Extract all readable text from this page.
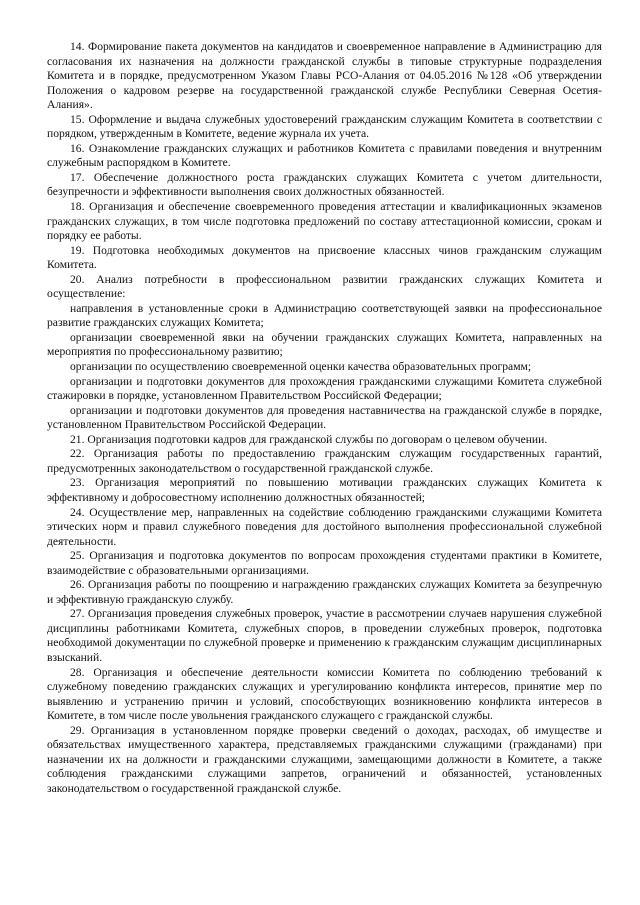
14. Формирование пакета документов на кандидатов и своевременное направление в Администрацию для согласования их назначения на должности гражданской службы в типовые структурные подразделения Комитета и в порядке, предусмотренном Указом Главы РСО-Алания от 04.05.2016 №128 «Об утверждении Положения о кадровом резерве на государственной гражданской службе Республики Северная Осетия-Алания».

15. Оформление и выдача служебных удостоверений гражданским служащим Комитета в соответствии с порядком, утвержденным в Комитете, ведение журнала их учета.

16. Ознакомление гражданских служащих и работников Комитета с правилами поведения и внутренним служебным распорядком в Комитете.

17. Обеспечение должностного роста гражданских служащих Комитета с учетом длительности, безупречности и эффективности выполнения своих должностных обязанностей.

18. Организация и обеспечение своевременного проведения аттестации и квалификационных экзаменов гражданских служащих, в том числе подготовка предложений по составу аттестационной комиссии, срокам и порядку ее работы.

19. Подготовка необходимых документов на присвоение классных чинов гражданским служащим Комитета.

20. Анализ потребности в профессиональном развитии гражданских служащих Комитета и осуществление:

направления в установленные сроки в Администрацию соответствующей заявки на профессиональное развитие гражданских служащих Комитета;

организации своевременной явки на обучении гражданских служащих Комитета, направленных на мероприятия по профессиональному развитию;

организации по осуществлению своевременной оценки качества образовательных программ;

организации и подготовки документов для прохождения гражданскими служащими Комитета служебной стажировки в порядке, установленном Правительством Российской Федерации;

организации и подготовки документов для проведения наставничества на гражданской службе в порядке, установленном Правительством Российской Федерации.

21. Организация подготовки кадров для гражданской службы по договорам о целевом обучении.

22. Организация работы по предоставлению гражданским служащим государственных гарантий, предусмотренных законодательством о государственной гражданской службе.

23. Организация мероприятий по повышению мотивации гражданских служащих Комитета к эффективному и добросовестному исполнению должностных обязанностей;

24. Осуществление мер, направленных на содействие соблюдению гражданскими служащими Комитета этических норм и правил служебного поведения для достойного выполнения профессиональной служебной деятельности.

25. Организация и подготовка документов по вопросам прохождения студентами практики в Комитете, взаимодействие с образовательными организациями.

26. Организация работы по поощрению и награждению гражданских служащих Комитета за безупречную и эффективную гражданскую службу.

27. Организация проведения служебных проверок, участие в рассмотрении случаев нарушения служебной дисциплины работниками Комитета, служебных споров, в проведении служебных проверок, подготовка необходимой документации по служебной проверке и применению к гражданским служащим дисциплинарных взысканий.

28. Организация и обеспечение деятельности комиссии Комитета по соблюдению требований к служебному поведению гражданских служащих и урегулированию конфликта интересов, принятие мер по выявлению и устранению причин и условий, способствующих возникновению конфликта интересов в Комитете, в том числе после увольнения гражданского служащего с гражданской службы.

29. Организация в установленном порядке проверки сведений о доходах, расходах, об имуществе и обязательствах имущественного характера, представляемых гражданскими служащими (гражданами) при назначении их на должности и гражданскими служащими, замещающими должности в Комитете, а также соблюдения гражданскими служащими запретов, ограничений и обязанностей, установленных законодательством о государственной гражданской службе.
